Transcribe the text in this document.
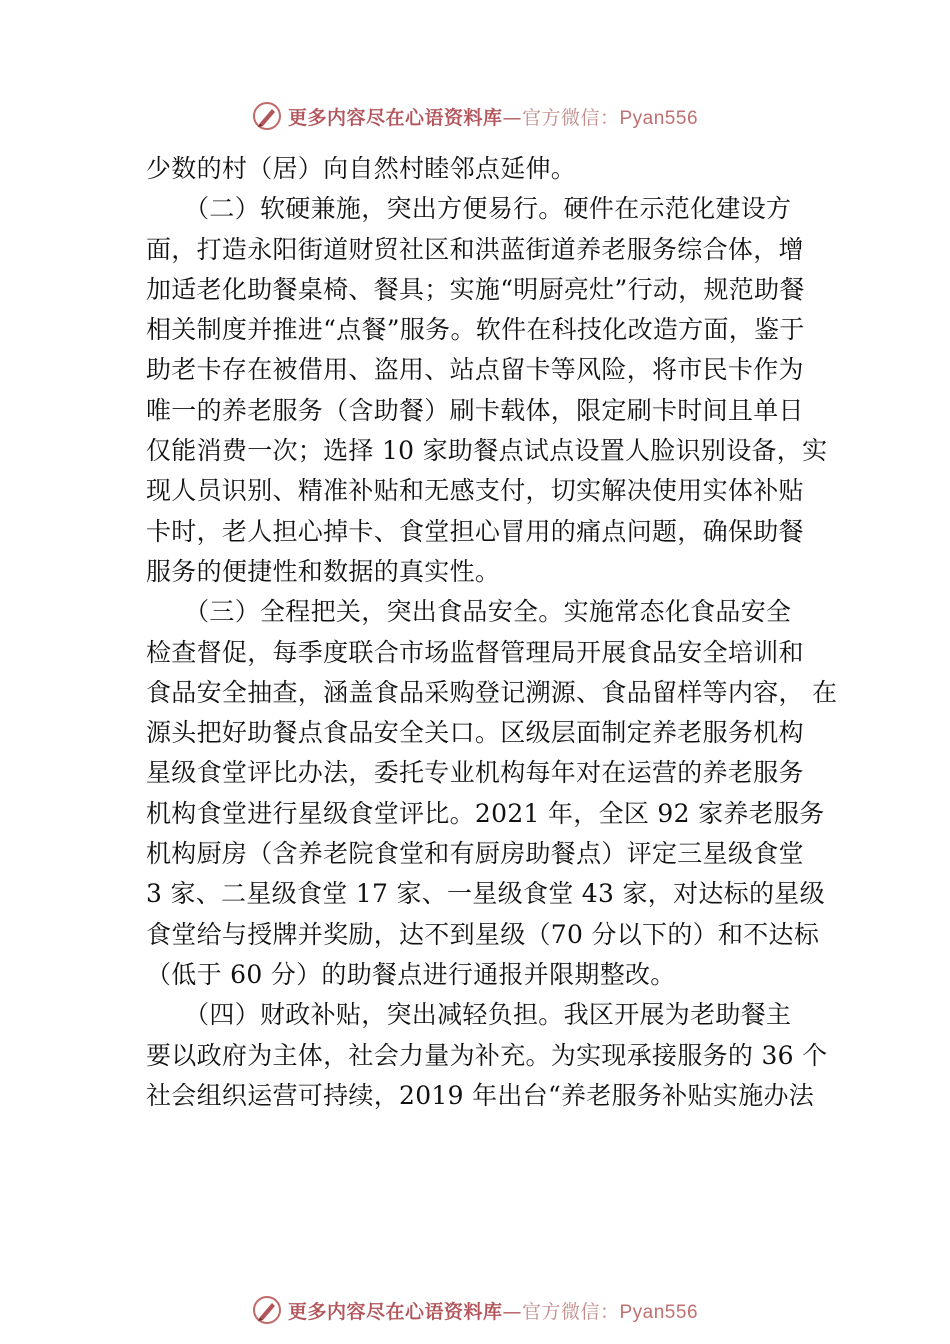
更多内容尽在心语资料库—官方微信：Pyan556
少数的村（居）向自然村睦邻点延伸。
　　（二）软硬兼施，突出方便易行。硬件在示范化建设方
面，打造永阳街道财贸社区和洪蓝街道养老服务综合体，增
加适老化助餐桌椅、餐具；实施“明厨亮灶”行动，规范助餐
相关制度并推进“点餐”服务。软件在科技化改造方面，鉴于
助老卡存在被借用、盗用、站点留卡等风险，将市民卡作为
唯一的养老服务（含助餐）刷卡载体，限定刷卡时间且单日
仅能消费一次；选择 10 家助餐点试点设置人脸识别设备，实
现人员识别、精准补贴和无感支付，切实解决使用实体补贴
卡时，老人担心掉卡、食堂担心冒用的痛点问题，确保助餐
服务的便捷性和数据的真实性。
　　（三）全程把关，突出食品安全。实施常态化食品安全
检查督促，每季度联合市场监督管理局开展食品安全培训和
食品安全抽查，涵盖食品采购登记溯源、食品留样等内容， 在
源头把好助餐点食品安全关口。区级层面制定养老服务机构
星级食堂评比办法，委托专业机构每年对在运营的养老服务
机构食堂进行星级食堂评比。2021 年，全区 92 家养老服务
机构厨房（含养老院食堂和有厨房助餐点）评定三星级食堂
3 家、二星级食堂 17 家、一星级食堂 43 家，对达标的星级
食堂给与授牌并奖励，达不到星级（70 分以下的）和不达标
（低于 60 分）的助餐点进行通报并限期整改。
　　（四）财政补贴，突出减轻负担。我区开展为老助餐主
要以政府为主体，社会力量为补充。为实现承接服务的 36 个
社会组织运营可持续，2019 年出台“养老服务补贴实施办法
更多内容尽在心语资料库—官方微信：Pyan556
